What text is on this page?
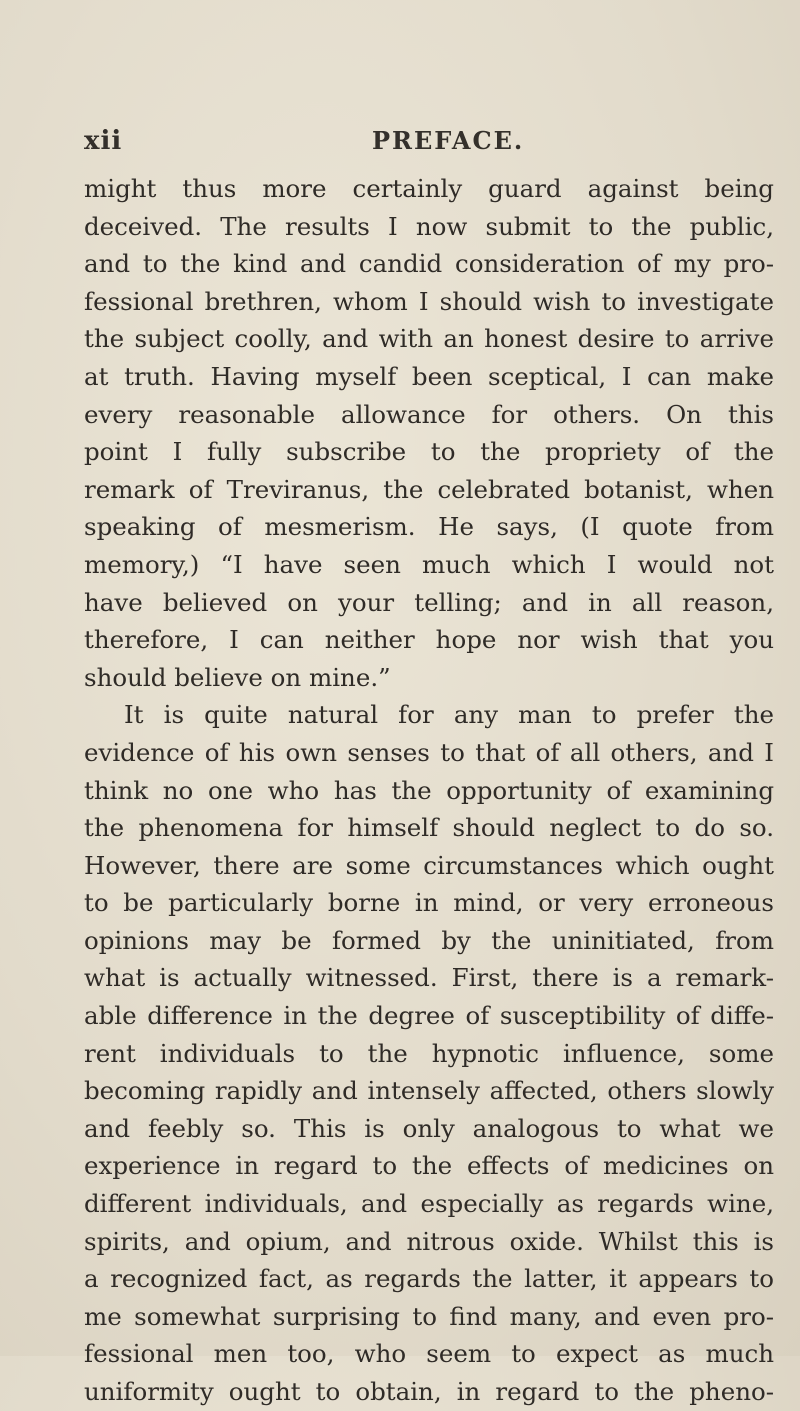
xii	PREFACE.
might thus more certainly guard against being
deceived. The results I now submit to the public,
and to the kind and candid consideration of my pro-
fessional brethren, whom I should wish to investigate
the subject coolly, and with an honest desire to arrive
at truth. Having myself been sceptical, I can make
every reasonable allowance for others. On this
point I fully subscribe to the propriety of the
remark of Treviranus, the celebrated botanist, when
speaking of mesmerism. He says, (I quote from
memory,) “I have seen much which I would not
have believed on your telling; and in all reason,
therefore, I can neither hope nor wish that you
should believe on mine.”
It is quite natural for any man to prefer the
evidence of his own senses to that of all others, and I
think no one who has the opportunity of examining
the phenomena for himself should neglect to do so.
However, there are some circumstances which ought
to be particularly borne in mind, or very erroneous
opinions may be formed by the uninitiated, from
what is actually witnessed. First, there is a remark-
able difference in the degree of susceptibility of diffe-
rent individuals to the hypnotic influence, some
becoming rapidly and intensely affected, others slowly
and feebly so. This is only analogous to what we
experience in regard to the effects of medicines on
different individuals, and especially as regards wine,
spirits, and opium, and nitrous oxide. Whilst this is
a recognized fact, as regards the latter, it appears to
me somewhat surprising to find many, and even pro-
fessional men too, who seem to expect as much
uniformity ought to obtain, in regard to the pheno-
